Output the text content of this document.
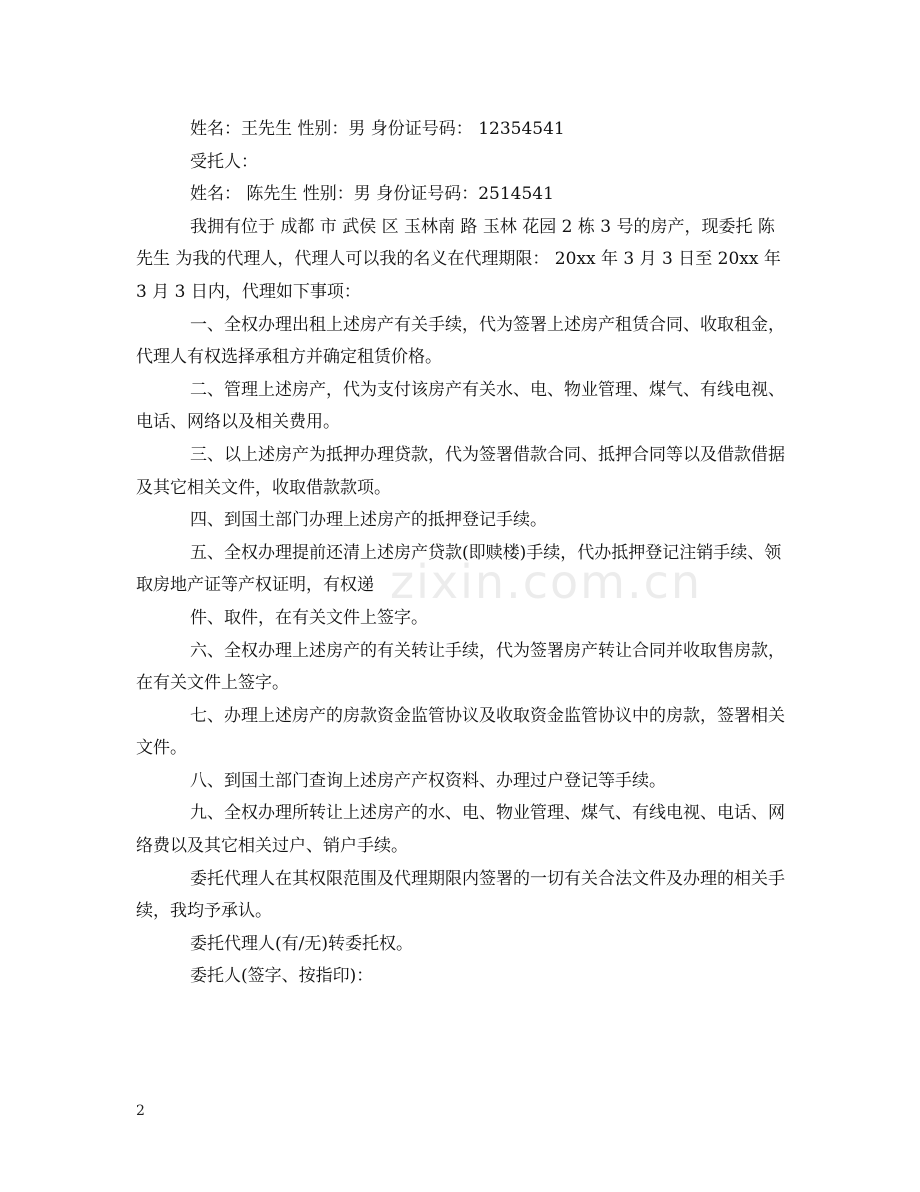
姓名：王先生 性别：男 身份证号码： 12354541

受托人：

姓名： 陈先生 性别：男 身份证号码：2514541

我拥有位于 成都 市 武侯 区 玉林南 路 玉林 花园 2 栋 3 号的房产，现委托 陈先生 为我的代理人，代理人可以我的名义在代理期限： 20xx 年 3 月 3 日至 20xx 年 3 月 3 日内，代理如下事项：

一、全权办理出租上述房产有关手续，代为签署上述房产租赁合同、收取租金，代理人有权选择承租方并确定租赁价格。

二、管理上述房产，代为支付该房产有关水、电、物业管理、煤气、有线电视、电话、网络以及相关费用。

三、以上述房产为抵押办理贷款，代为签署借款合同、抵押合同等以及借款借据及其它相关文件，收取借款款项。

四、到国土部门办理上述房产的抵押登记手续。

五、全权办理提前还清上述房产贷款(即赎楼)手续，代办抵押登记注销手续、领取房地产证等产权证明，有权递

件、取件，在有关文件上签字。

六、全权办理上述房产的有关转让手续，代为签署房产转让合同并收取售房款，在有关文件上签字。

七、办理上述房产的房款资金监管协议及收取资金监管协议中的房款，签署相关文件。

八、到国土部门查询上述房产产权资料、办理过户登记等手续。

九、全权办理所转让上述房产的水、电、物业管理、煤气、有线电视、电话、网络费以及其它相关过户、销户手续。

委托代理人在其权限范围及代理期限内签署的一切有关合法文件及办理的相关手续，我均予承认。

委托代理人(有/无)转委托权。

委托人(签字、按指印)：

zixin.com.cn
2
